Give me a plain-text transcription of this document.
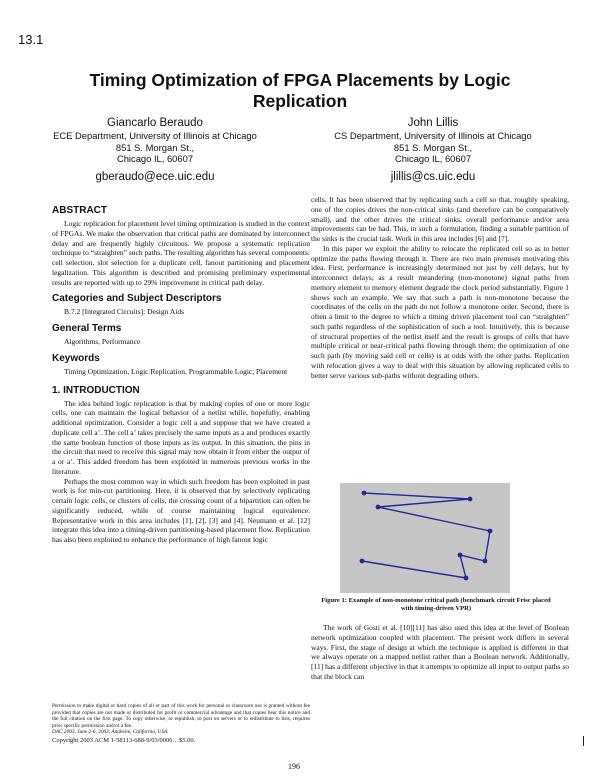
13.1
Timing Optimization of FPGA Placements by Logic Replication
Giancarlo Beraudo
ECE Department, University of Illinois at Chicago
851 S. Morgan St.,
Chicago IL, 60607
gberaudo@ece.uic.edu
John Lillis
CS Department, University of Illinois at Chicago
851 S. Morgan St.,
Chicago IL, 60607
jlillis@cs.uic.edu
ABSTRACT

Logic replication for placement level timing optimization is studied in the context of FPGAs. We make the observation that critical paths are dominated by interconnect delay and are frequently highly circuitous. We propose a systematic replication technique to “straighten” such paths. The resulting algorithm has several components: cell selection, slot selection for a duplicate cell, fanout partitioning and placement legalization. This algorithm is described and promising preliminary experimental results are reported with up to 29% improvement in critical path delay.

Categories and Subject Descriptors
B.7.2 [Integrated Circuits]: Design Aids
General Terms
Algorithms, Performance
Keywords

Timing Optimization, Logic Replication, Programmable Logic, Placement

1. INTRODUCTION

The idea behind logic replication is that by making copies of one or more logic cells, one can maintain the logical behavior of a netlist while, hopefully, enabling additional optimization. Consider a logic cell a and suppose that we have created a duplicate cell a’. The cell a’ takes precisely the same inputs as a and produces exactly the same boolean function of those inputs as its output. In this situation, the pins in the circuit that need to receive this signal may now obtain it from either the output of a or a’. This added freedom has been exploited in numerous previous works in the literature.

Perhaps the most common way in which such freedom has been exploited in past work is for min-cut partitioning. Here, it is observed that by selectively replicating certain logic cells, or clusters of cells, the crossing count of a bipartition can often be significantly reduced, while of course maintaining logical equivalence. Representative work in this area includes [1], [2], [3] and [4]. Neumann et al. [12] integrate this idea into a timing-driven partitioning-based placement flow. Replication has also been exploited to enhance the performance of high fanout logic

cells. It has been observed that by replicating such a cell so that, roughly speaking, one of the copies drives the non-critical sinks (and therefore can be comparatively small), and the other drives the critical sinks, overall performance and/or area improvements can be had. This, in such a formulation, finding a suitable partition of the sinks is the crucial task. Work in this area includes [6] and [7].

In this paper we exploit the ability to relocate the replicated cell so as to better optimize the paths flowing through it. There are two main premises motivating this idea. First, performance is increasingly determined not just by cell delays, but by interconnect delays; as a result meandering (non-monotone) signal paths from memory element to memory element degrade the clock period substantially. Figure 1 shows such an example. We say that such a path is non-monotone because the coordinates of the cells on the path do not follow a monotone order. Second, there is often a limit to the degree to which a timing driven placement tool can “straighten” such paths regardless of the sophistication of such a tool. Intuitively, this is because of structural properties of the netlist itself and the result is groups of cells that have multiple critical or near-critical paths flowing through them; the optimization of one such path (by moving said cell or cells) is at odds with the other paths. Replication with relocation gives a way to deal with this situation by allowing replicated cells to better serve various sub-paths without degrading others.

Figure 1: Example of non-monotone critical path (benchmark circuit Frisc placed with timing-driven VPR)

The work of Gosti et al. [10][11] has also used this idea at the level of Boolean network optimization coupled with placement. The present work differs in several ways. First, the stage of design at which the technique is applied is different in that we always operate on a mapped netlist rather than a Boolean network. Additionally, [11] has a different objective in that it attempts to optimize all input to output paths so that the block can

Permission to make digital or hard copies of all or part of this work for personal or classroom use is granted without fee provided that copies are not made or distributed for profit or commercial advantage and that copies bear this notice and the full citation on the first page. To copy otherwise, or republish, to post on servers or to redistribute to lists, requires prior specific permission and/or a fee.
DAC 2003, June 2-6, 2003, Anaheim, California, USA.
Copyright 2003 ACM 1-58113-688-9/03/0006…$5.00.
196
